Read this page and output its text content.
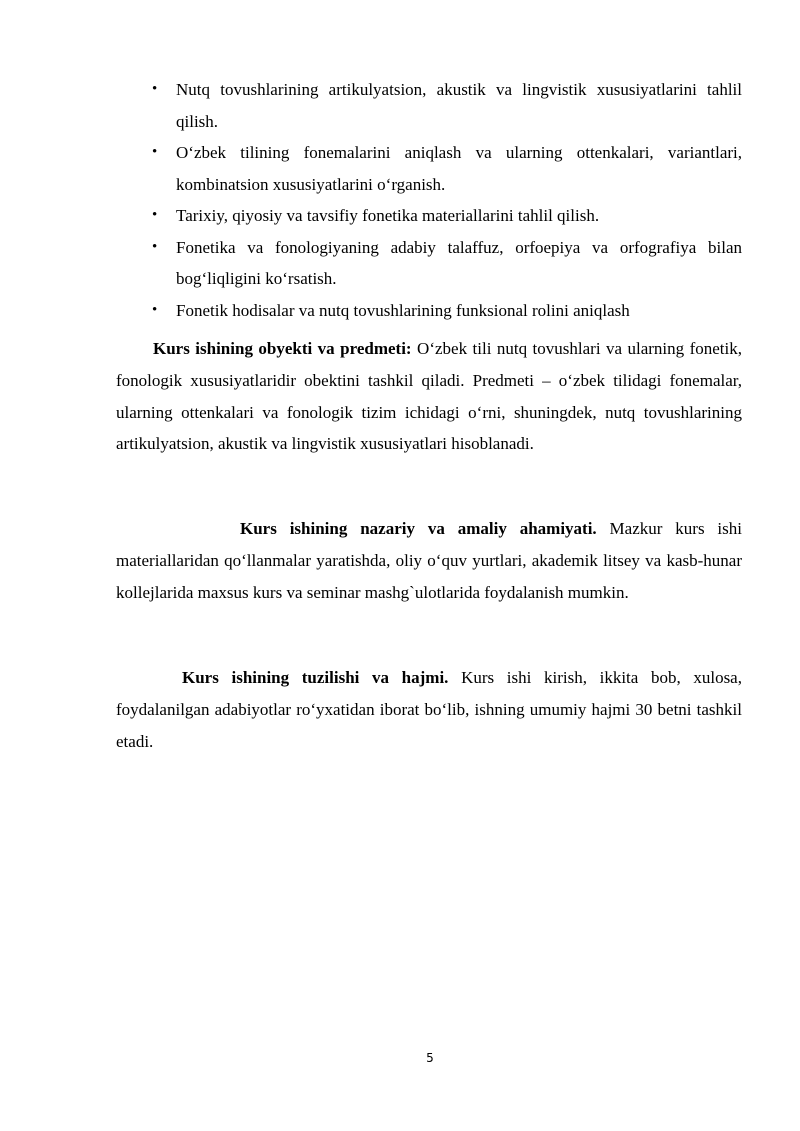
• Nutq tovushlarining artikulyatsion, akustik va lingvistik xususiyatlarini tahlil qilish.
• O‘zbek tilining fonemalarini aniqlash va ularning ottenkalari, variantlari, kombinatsion xususiyatlarini o‘rganish.
• Tarixiy, qiyosiy va tavsifiy fonetika materiallarini tahlil qilish.
• Fonetika va fonologiyaning adabiy talaffuz, orfoepiya va orfografiya bilan bog‘liqligini ko‘rsatish.
• Fonetik hodisalar va nutq tovushlarining funksional rolini aniqlash

Kurs ishining obyekti va predmeti: O‘zbek tili nutq tovushlari va ularning fonetik, fonologik xususiyatlaridir obektini tashkil qiladi. Predmeti – o‘zbek tilidagi fonemalar, ularning ottenkalari va fonologik tizim ichidagi o‘rni, shuningdek, nutq tovushlarining artikulyatsion, akustik va lingvistik xususiyatlari hisoblanadi.

Kurs ishining nazariy va amaliy ahamiyati. Mazkur kurs ishi materiallaridan qo‘llanmalar yaratishda, oliy o‘quv yurtlari, akademik litsey va kasb-hunar kollejlarida maxsus kurs va seminar mashg`ulotlarida foydalanish mumkin.

Kurs ishining tuzilishi va hajmi. Kurs ishi kirish, ikkita bob, xulosa, foydalanilgan adabiyotlar ro‘yxatidan iborat bo‘lib, ishning umumiy hajmi 30 betni tashkil etadi.

5
